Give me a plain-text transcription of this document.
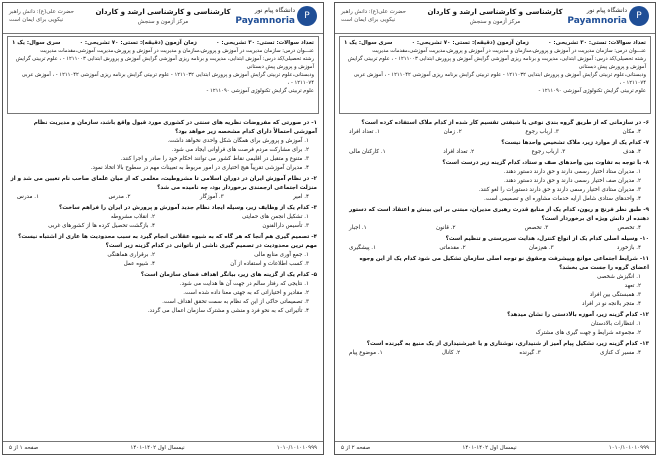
P
دانشگاه پیام نور
Payamnoria
کارشناسی و کارشناسی ارشد و کاردان
مرکز آزمون و سنجش
حضرت علی(ع): دانش راهبر نیکویی برای ایمان است
تعداد سوالات: تستی: ۳۰ تشریحی: ۰
زمان آزمون (دقیقه): تستی: ۷۰ تشریحی: ۰
سری سوال: یک ۱

عنـــوان درس: سازمان مدیریت در آموزش و پرورش،سازمان و مدیریت در آموزش و پرورش،مدیریت آموزشی،مقدمات مدیریت

رشته تحصیلی/کد درس: آموزش ابتدایی، مدیریت و برنامه ریزی آموزشی گرایش آموزش و پرورش ابتدایی ۱۲۱۱۰۰۳ - ، علوم تربیتی گرایش آموزش و پرورش پیش دبستانی

ودبستانی،علوم تربیتی گرایش آموزش و پرورش ابتدایی ۱۲۱۱۰۳۲ - علوم تربیتی گرایش برنامه ریزی آموزشی ۱۲۱۱۰۴۲ - ، آموزش عربی ۱۲۱۱۰۷۴ - ،

علوم تربیتی گرایش تکنولوژی آموزشی ۱۲۱۱۰۹۰ -

۱- در صورتی که مفروضات نظریه های سنتی در کشوری مورد قبول واقع باشد، سازمان و مدیریت نظام آموزشی احتمالاً دارای کدام مشخصه زیر خواهد بود؟
۱. آموزش و پرورش برای همگان شکل واحدی نخواهد داشت.
۲. برای مشارکت مردم فرصت های فراوانی ایجاد می شود.
۳. متنوع و متقبل در اقلیمی نقاط کشور می توانند احکام خود را صادر و اجرا کنند.
۴. مدیران آموزشی تقریباً هیچ اختیاری در امور مربوط به تعیینات مهم در سطوح بالا اتخاذ نمود.
۲- در نظام آموزش ایران در دوران اسلامی تا مشروطیت، معلمی که از میان علمای صاحب نام تعیین می شد و از منزلت اجتماعی ارجمندی برخوردار بود، چه نامیده می شد؟
۱. مدرس	۲. مدرس	۳. آموزگار	۴. امیر
۳- کدام یک از وظایف زیر، وسیله ایجاد نظام جدید آموزش و پرورش در ایران را فراهم ساخت؟
۱. تشکیل انجمن های حمایتی
۲. انقلاب مشروطه
۳. تأسیس دارالفنون
۴. بازگشت تحصیل کرده ها از کشورهای غربی
۴- تصمیم گیری هم آنجا که هر گاه که به شیوه عقلانی انجام گیرد به سبب محدودیت ها عاری از اشتباه نیست؟ مهم ترین محدودیت در تصمیم گیری ناشی از ناتوانی در کدام گزینه زیر است؟
۱. جمع آوری منابع مالی
۲. برقراری هماهنگی
۳. کسب اطلاعات و استفاده از آن
۴. شیوه عمل
۵- کدام یک از گزینه های زیر، بیانگر اهداف فضای سازمان است؟
۱. نتایجی که رفتار سالم در جهت آن ها هدایت می شود.
۲. مقادیر و اختیاراتی که به جهتی معنا داده شده است.
۳. تصمیماتی حاکی از این که نظام به سمت تحقق اهداف است.
۴. تأثیراتی که به نحو فرد و منشی و مشترک سازمان اعمال می گردد.
صفحه ۱ از ۵	نیمسال اول ۱۴۰۲-۱۴۰۱	۱۰۱۰/۱۰۱۰۱۰۹۹۹
P
دانشگاه پیام نور
Payamnoria
کارشناسی و کارشناسی ارشد و کاردان
مرکز آزمون و سنجش
حضرت علی(ع): دانش راهبر نیکویی برای ایمان است
تعداد سوالات: تستی: ۳۰ تشریحی: ۰
زمان آزمون (دقیقه): تستی: ۷۰ تشریحی: ۰
سری سوال: یک ۱

عنـــوان درس: سازمان مدیریت در آموزش و پرورش،سازمان و مدیریت در آموزش و پرورش،مدیریت آموزشی،مقدمات مدیریت

رشته تحصیلی/کد درس: آموزش ابتدایی، مدیریت و برنامه ریزی آموزشی گرایش آموزش و پرورش ابتدایی ۱۲۱۱۰۰۳ - ، علوم تربیتی گرایش آموزش و پرورش پیش دبستانی

ودبستانی،علوم تربیتی گرایش آموزش و پرورش ابتدایی ۱۲۱۱۰۳۲ - علوم تربیتی گرایش برنامه ریزی آموزشی ۱۲۱۱۰۴۲ - ، آموزش عربی ۱۲۱۱۰۷۴ - ،

علوم تربیتی گرایش تکنولوژی آموزشی ۱۲۱۱۰۹۰ -

۶- در سازمانی که از طریق گروه بندی نوعی یا شیفتی تقسیم کار شده از کدام ملاک استفاده کرده است؟
۱. تعداد افراد	۲. زمان	۳. ارباب رجوع	۴. مکان
۷- کدام یک از موارد زیر، ملاک تشخیص واحدها نیست؟
۱. کارکنان مالی	۲. تعداد افراد	۳. ارباب رجوع	۴. هدف
۸- با توجه به تفاوت بین واحدهای صف و ستاد، کدام گزینه زیر درست است؟
۱. مدیران ستاد اختیار رسمی دارند و حق دارند دستور دهند.
۲. مدیران صف اختیار رسمی دارند و حق دارند دستور دهند.
۳. مدیران ستادی اختیار رسمی دارند و حق دارند دستورات را لغو کنند.
۴. واحدهای ستادی شامل ارایه خدمات مشاوره ای و تصمیمی است.
۹- طبق نظر فرنچ و ریون، کدام یک از منابع قدرت رهبری مدیران، مبتنی بر این بینش و اعتقاد است که دستور دهنده از دانش ویژه ای برخوردار است؟
۱. اجبار	۲. قانون	۳. تخصص	۴. تخصص
۱۰- وسیله اصلی کدام یک از انواع کنترل، هدایت سرپرستی و تنظیم است؟
۱. پیشگیری	۲. مقدماتی	۳. هم‌زمان	۴. بازخورد
۱۱- شرایط اجتماعی موانع وپیشرفت وحقوق نو توجه اصلی سازمان تشکیل می شود کدام یک از این وجوه اعضای گروه را جست می بخشد؟
۱. انگیزش شخصی
۲. تعهد
۳. همبستگی بین افراد
۴. متجر باانجه نو در افراد
۱۲- کدام گزینه زیر، آموزه بالادستی را نشان میدهد؟
۱. انتظارات بالادستان
۲. مجموعه شرایط و جهت گیری های مشترک
۱۳- کدام گزینه زیر، تشکیل پیام آمیز از شنیداری، نوشتاری و یا غیرشنیداری از یک منبع به گیرنده است؟
۱. موضوع پیام	۲. کانال	۳. گیرنده	۴. مسیر ک کنازی
صفحه ۲ از ۵	نیمسال اول ۱۴۰۲-۱۴۰۱	۱۰۱۰/۱۰۱۰۱۰۹۹۹
